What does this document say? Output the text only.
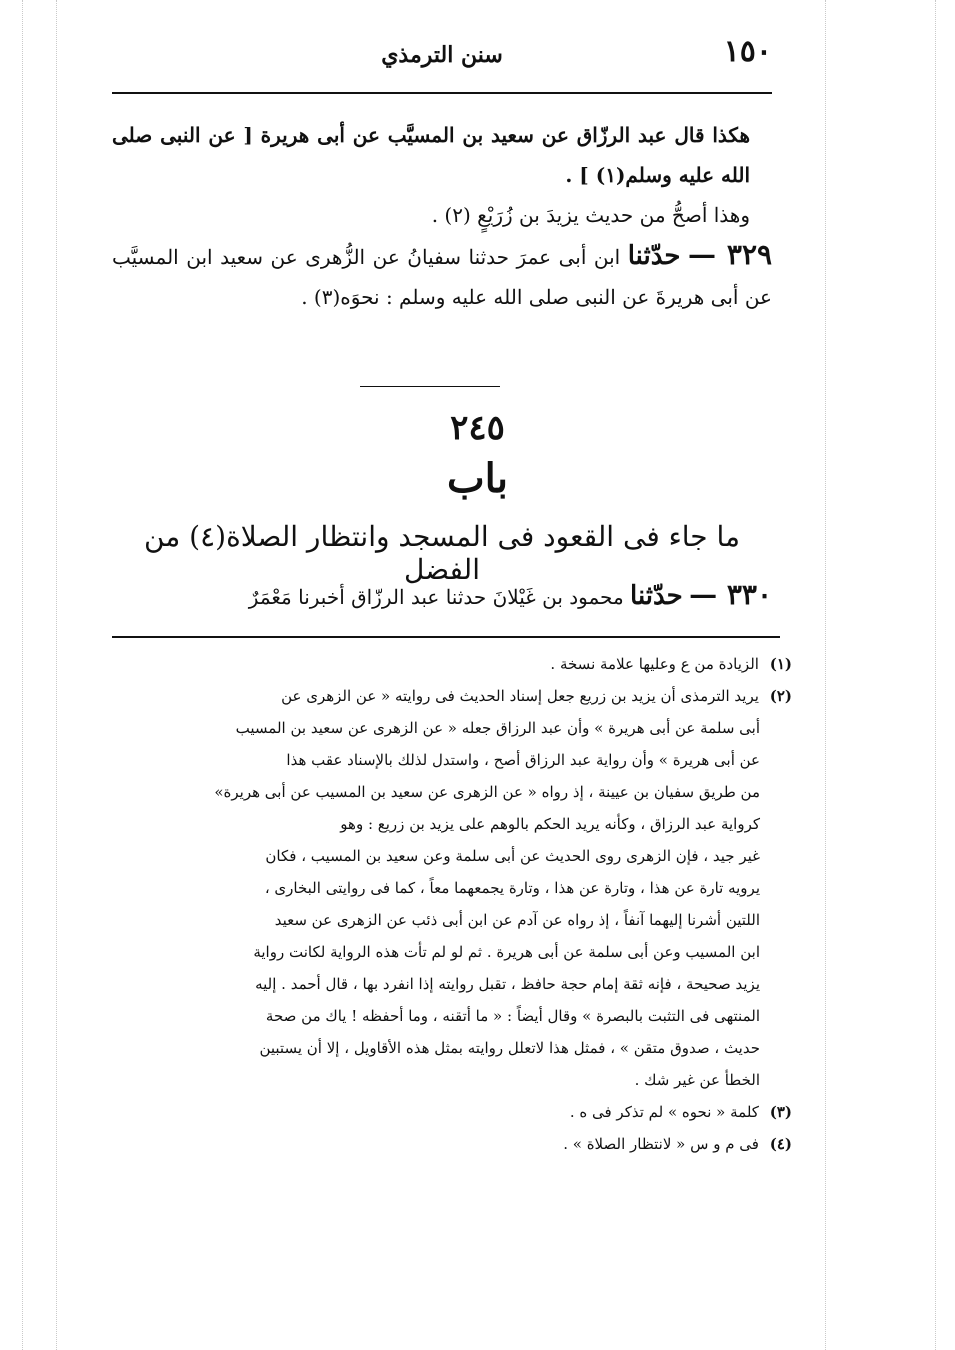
١٥٠
سنن الترمذي

هكذا قال عبد الرزّاق عن سعيد بن المسيَّب عن أبى هريرة [ عن النبى صلى الله عليه وسلم(١) ] .

وهذا أصحُّ من حديث يزيدَ بن زُرَيْعٍ (٢) .

٣٢٩ — حدّثنا ابن أبى عمرَ حدثنا سفيانُ عن الزُّهرى عن سعيد ابن المسيَّب عن أبى هريرةَ عن النبى صلى الله عليه وسلم : نحوَه(٣) .

٢٤٥
باب
ما جاء فى القعود فى المسجد وانتظار الصلاة(٤) من الفضل
٣٣٠ — حدّثنا محمود بن غَيْلانَ حدثنا عبد الرزّاق أخبرنا مَعْمَرٌ

(١) الزيادة من ع وعليها علامة نسخة .

(٢) يريد الترمذى أن يزيد بن زريع جعل إسناد الحديث فى روايته « عن الزهرى عن

أبى سلمة عن أبى هريرة » وأن عبد الرزاق جعله « عن الزهرى عن سعيد بن المسيب

عن أبى هريرة » وأن رواية عبد الرزاق أصح ، واستدل لذلك بالإسناد عقب هذا

من طريق سفيان بن عيينة ، إذ رواه « عن الزهرى عن سعيد بن المسيب عن أبى هريرة»

كرواية عبد الرزاق ، وكأنه يريد الحكم بالوهم على يزيد بن زريع : وهو

غير جيد ، فإن الزهرى روى الحديث عن أبى سلمة وعن سعيد بن المسيب ، فكان

يرويه تارة عن هذا ، وتارة عن هذا ، وتارة يجمعهما معاً ، كما فى روايتى البخارى ،

اللتين أشرنا إليهما آنفاً ، إذ رواه عن آدم عن ابن أبى ذئب عن الزهرى عن سعيد

ابن المسيب وعن أبى سلمة عن أبى هريرة . ثم لو لم تأت هذه الرواية لكانت رواية

يزيد صحيحة ، فإنه ثقة إمام حجة حافظ ، تقبل روايته إذا انفرد بها ، قال أحمد . إليه

المنتهى فى التثبت بالبصرة » وقال أيضاً : « ما أتقنه ، وما أحفظه ! ياك من صحة

حديث ، صدوق متقن » ، فمثل هذا لاتعلل روايته بمثل هذه الأقاويل ، إلا أن يستبين

الخطأ عن غير شك .

(٣) كلمة « نحوه » لم تذكر فى ه .

(٤) فى م و س « لانتظار الصلاة » .
